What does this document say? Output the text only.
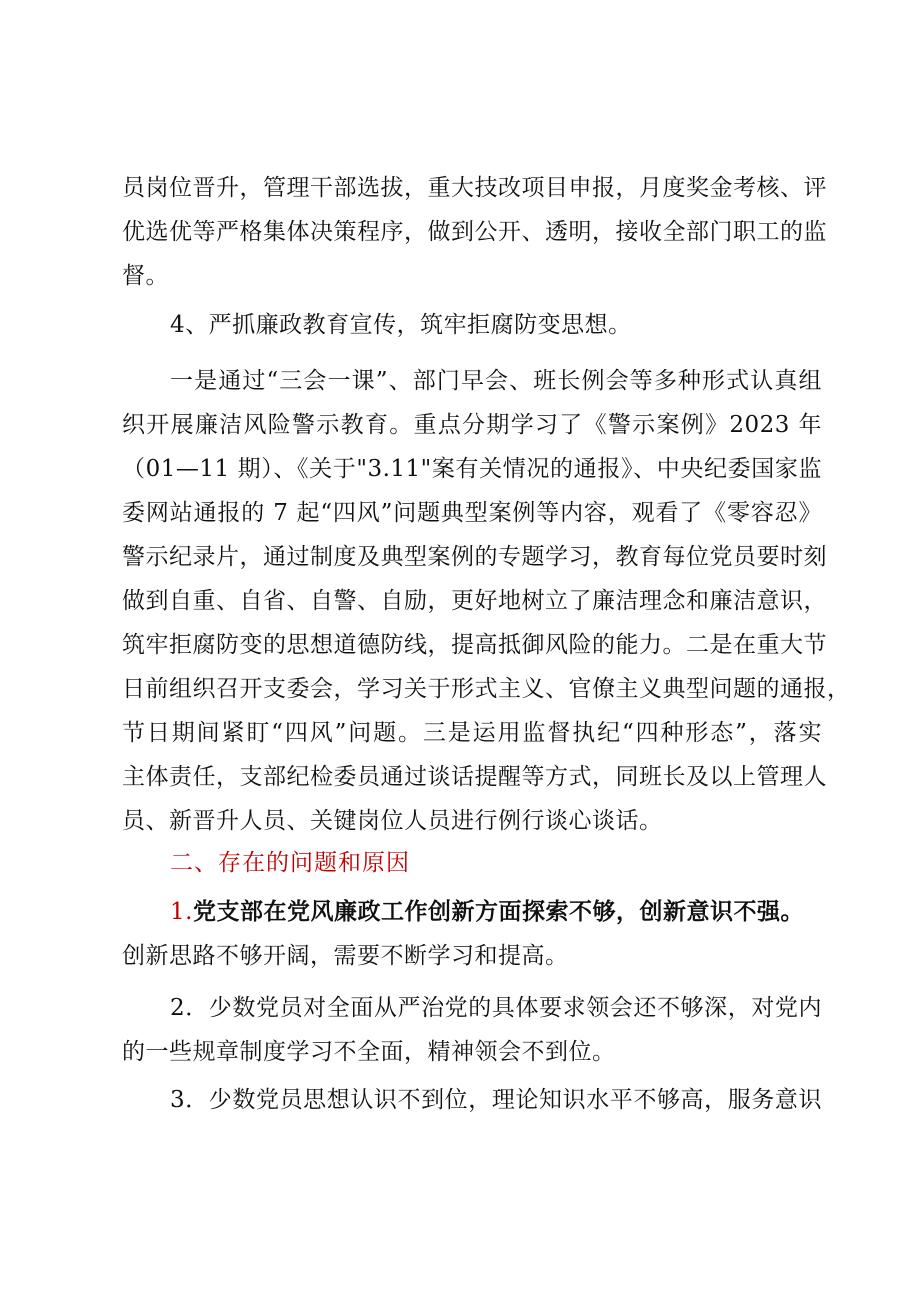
员岗位晋升，管理干部选拔，重大技改项目申报，月度奖金考核、评
优选优等严格集体决策程序，做到公开、透明，接收全部门职工的监
督。
4、严抓廉政教育宣传，筑牢拒腐防变思想。
一是通过“三会一课”、部门早会、班长例会等多种形式认真组
织开展廉洁风险警示教育。重点分期学习了《警示案例》2023 年
（01—11 期）、《关于"3.11"案有关情况的通报》、中央纪委国家监
委网站通报的 7 起“四风”问题典型案例等内容，观看了《零容忍》
警示纪录片，通过制度及典型案例的专题学习，教育每位党员要时刻
做到自重、自省、自警、自励，更好地树立了廉洁理念和廉洁意识，
筑牢拒腐防变的思想道德防线，提高抵御风险的能力。二是在重大节
日前组织召开支委会，学习关于形式主义、官僚主义典型问题的通报，
节日期间紧盯“四风”问题。三是运用监督执纪“四种形态”，落实
主体责任，支部纪检委员通过谈话提醒等方式，同班长及以上管理人
员、新晋升人员、关键岗位人员进行例行谈心谈话。
二、存在的问题和原因
1.党支部在党风廉政工作创新方面探索不够，创新意识不强。
创新思路不够开阔，需要不断学习和提高。
2．少数党员对全面从严治党的具体要求领会还不够深，对党内
的一些规章制度学习不全面，精神领会不到位。
3．少数党员思想认识不到位，理论知识水平不够高，服务意识
